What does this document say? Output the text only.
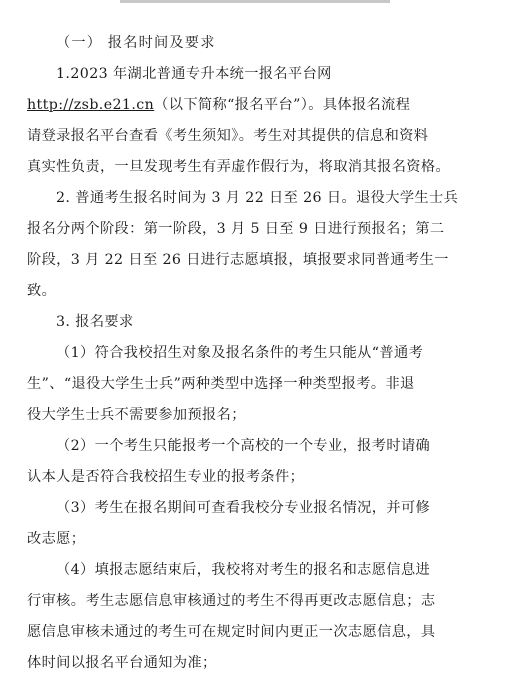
（一） 报名时间及要求
1.2023 年湖北普通专升本统一报名平台网
http://zsb.e21.cn（以下简称“报名平台”）。具体报名流程
请登录报名平台查看《考生须知》。考生对其提供的信息和资料
真实性负责，一旦发现考生有弄虚作假行为，将取消其报名资格。
2. 普通考生报名时间为 3 月 22 日至 26 日。退役大学生士兵
报名分两个阶段：第一阶段，3 月 5 日至 9 日进行预报名；第二
阶段，3 月 22 日至 26 日进行志愿填报，填报要求同普通考生一
致。
3. 报名要求
（1）符合我校招生对象及报名条件的考生只能从“普通考
生”、“退役大学生士兵”两种类型中选择一种类型报考。非退
役大学生士兵不需要参加预报名；
（2）一个考生只能报考一个高校的一个专业，报考时请确
认本人是否符合我校招生专业的报考条件；
（3）考生在报名期间可查看我校分专业报名情况，并可修
改志愿；
（4）填报志愿结束后，我校将对考生的报名和志愿信息进
行审核。考生志愿信息审核通过的考生不得再更改志愿信息；志
愿信息审核未通过的考生可在规定时间内更正一次志愿信息，具
体时间以报名平台通知为准；
